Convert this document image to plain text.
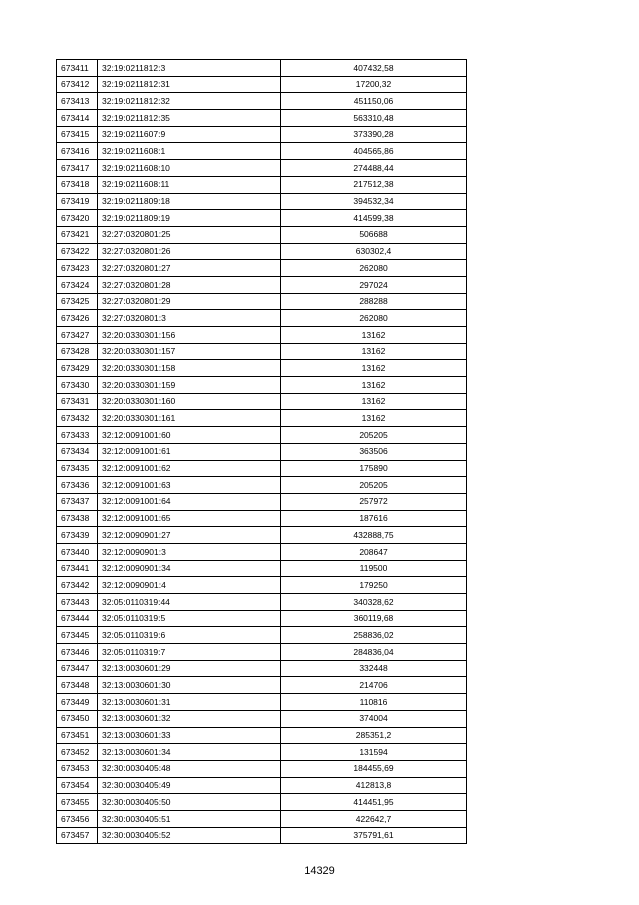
673411	32:19:0211812:3	407432,58
673412	32:19:0211812:31	17200,32
673413	32:19:0211812:32	451150,06
673414	32:19:0211812:35	563310,48
673415	32:19:0211607:9	373390,28
673416	32:19:0211608:1	404565,86
673417	32:19:0211608:10	274488,44
673418	32:19:0211608:11	217512,38
673419	32:19:0211809:18	394532,34
673420	32:19:0211809:19	414599,38
673421	32:27:0320801:25	506688
673422	32:27:0320801:26	630302,4
673423	32:27:0320801:27	262080
673424	32:27:0320801:28	297024
673425	32:27:0320801:29	288288
673426	32:27:0320801:3	262080
673427	32:20:0330301:156	13162
673428	32:20:0330301:157	13162
673429	32:20:0330301:158	13162
673430	32:20:0330301:159	13162
673431	32:20:0330301:160	13162
673432	32:20:0330301:161	13162
673433	32:12:0091001:60	205205
673434	32:12:0091001:61	363506
673435	32:12:0091001:62	175890
673436	32:12:0091001:63	205205
673437	32:12:0091001:64	257972
673438	32:12:0091001:65	187616
673439	32:12:0090901:27	432888,75
673440	32:12:0090901:3	208647
673441	32:12:0090901:34	119500
673442	32:12:0090901:4	179250
673443	32:05:0110319:44	340328,62
673444	32:05:0110319:5	360119,68
673445	32:05:0110319:6	258836,02
673446	32:05:0110319:7	284836,04
673447	32:13:0030601:29	332448
673448	32:13:0030601:30	214706
673449	32:13:0030601:31	110816
673450	32:13:0030601:32	374004
673451	32:13:0030601:33	285351,2
673452	32:13:0030601:34	131594
673453	32:30:0030405:48	184455,69
673454	32:30:0030405:49	412813,8
673455	32:30:0030405:50	414451,95
673456	32:30:0030405:51	422642,7
673457	32:30:0030405:52	375791,61
14329
